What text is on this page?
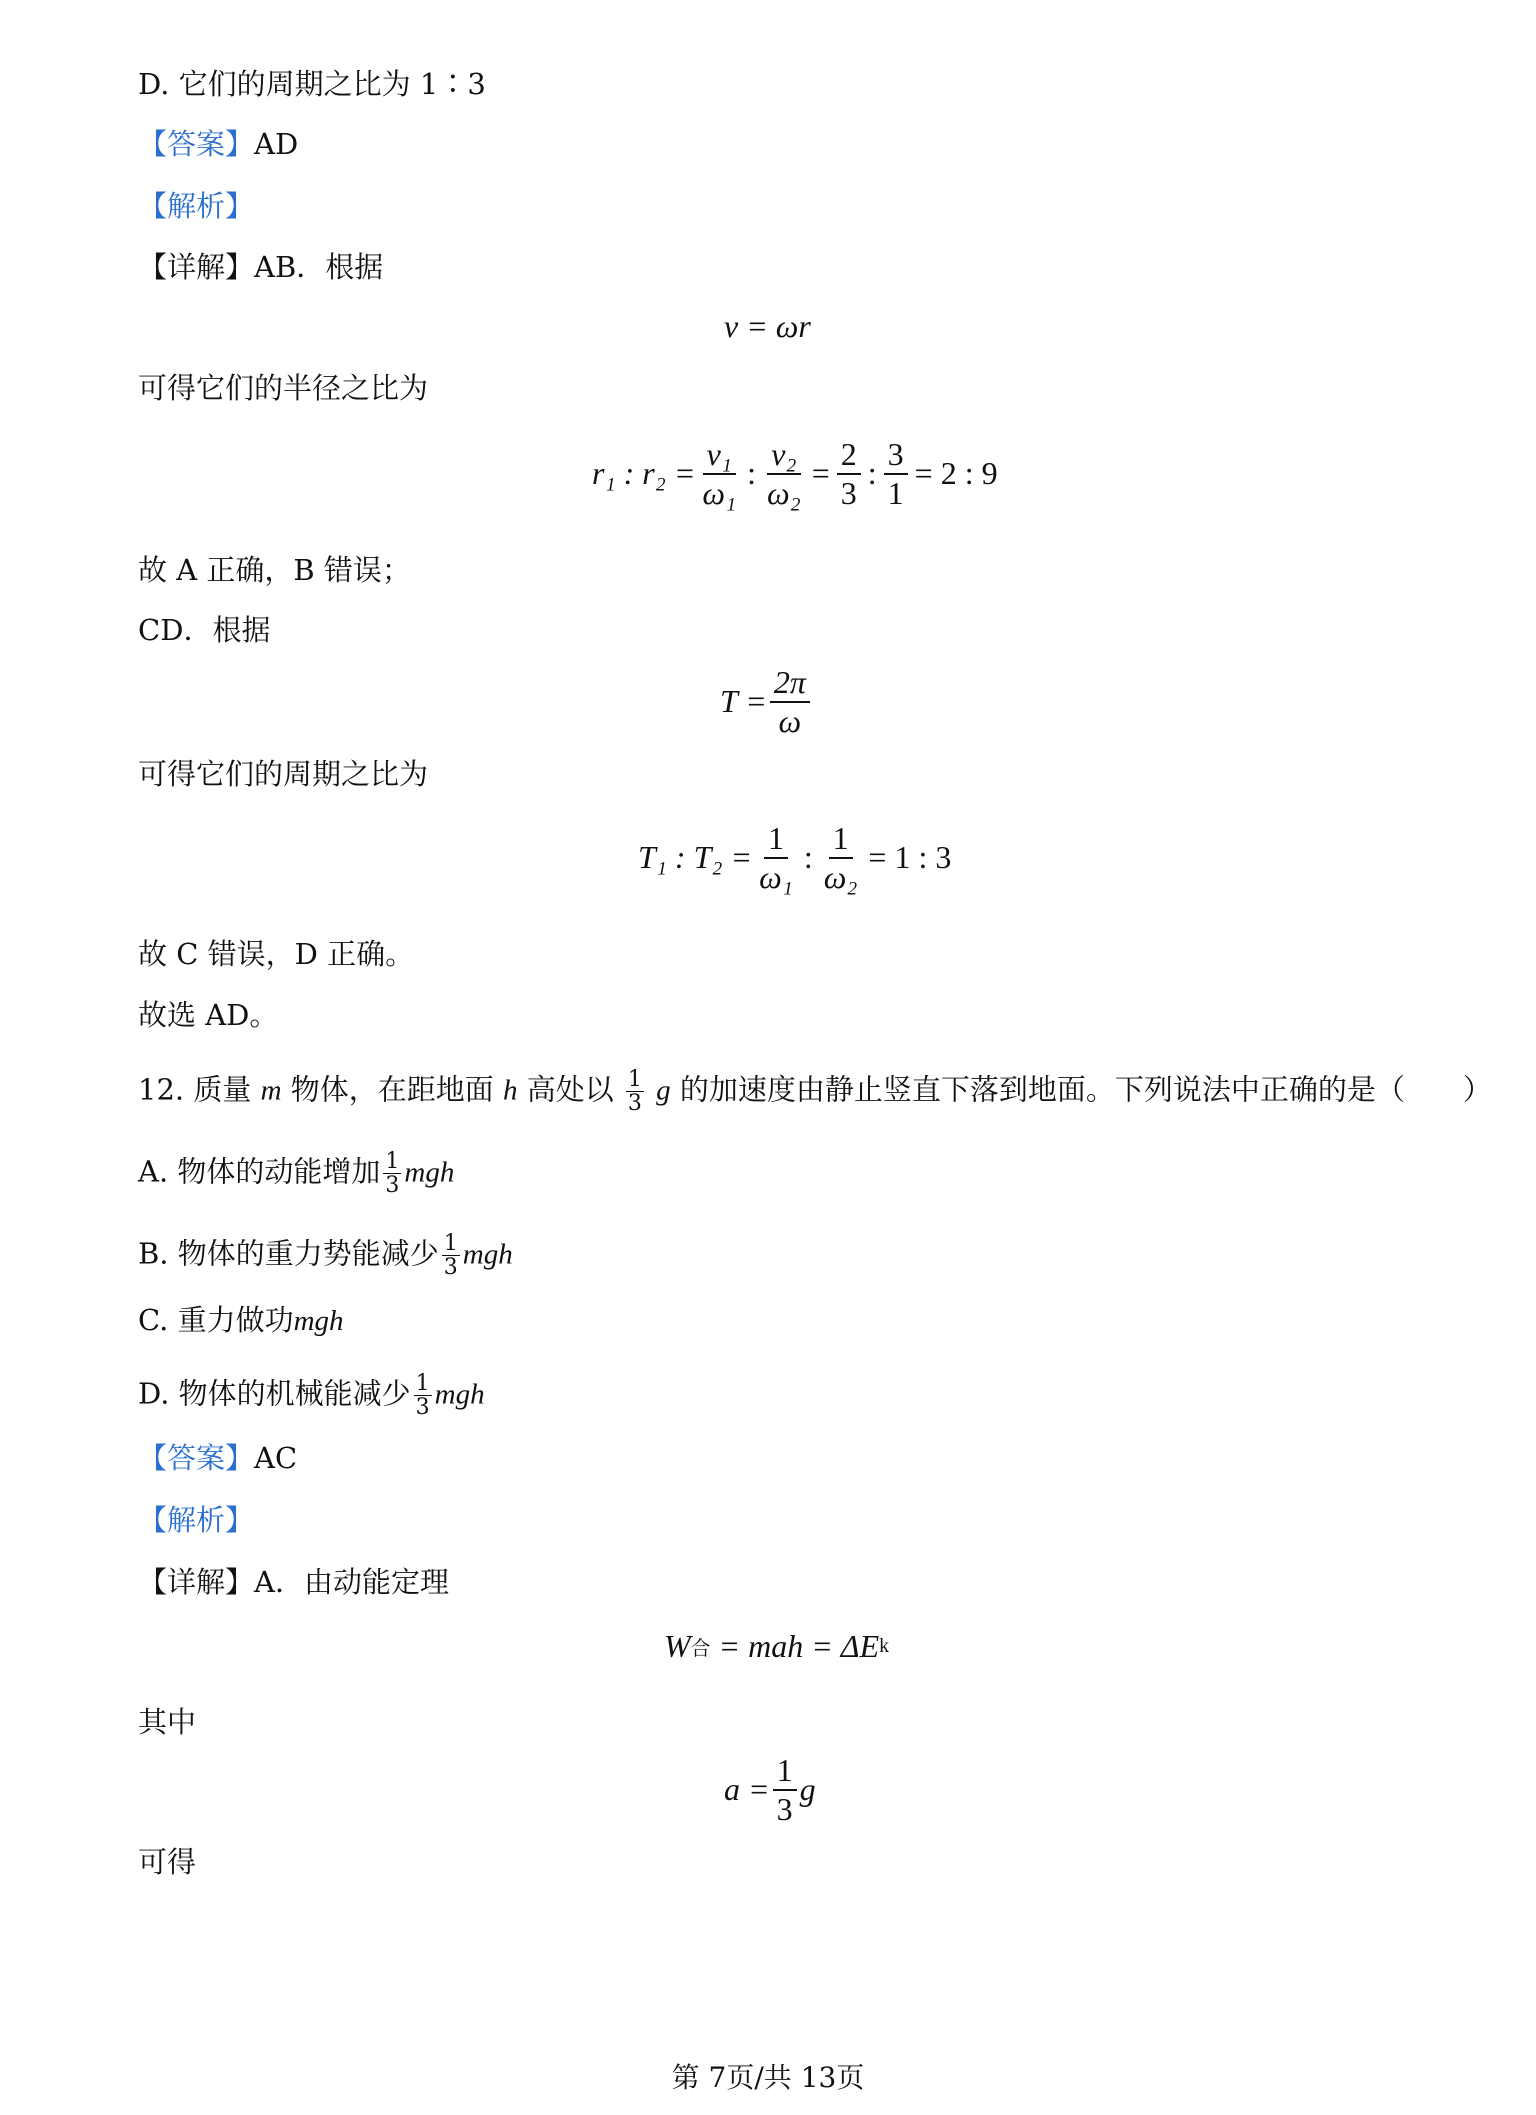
D. 它们的周期之比为 1∶3
【答案】AD
【解析】
【详解】AB．根据
v = ωr
可得它们的半径之比为
r₁ : $r_2 = \frac{\text{v₁}}{\text{ω₁}}$ : $\frac{\text{v₂}}{\text{ω₂}} = \frac{2}{3}$ : $\frac{3}{1} = 2$ : 9
故 A 正确，B 错误；
CD．根据
$T = \frac{2\pi}{\omega}$
可得它们的周期之比为
T₁ : $T_2 = \frac{1}{\text{ω₁}}$ : $\frac{1}{\text{ω₂}} = 1$ : 3
故 C 错误，D 正确。
故选 AD。
12. 质量 m 物体，在距地面 h 高处以 $\frac{1}{3}$ g 的加速度由静止竖直下落到地面。下列说法中正确的是（　　）
A. 物体的动能增加 $\frac{1}{3}$ mgh
B. 物体的重力势能减少 $\frac{1}{3}$ mgh
C. 重力做功mgh
D. 物体的机械能减少 $\frac{1}{3}$ mgh
【答案】AC
【解析】
【详解】A．由动能定理
W 合 = mah = ΔE k
其中
$a = \frac{1}{3}$ g
可得
第 7页/共 13页
